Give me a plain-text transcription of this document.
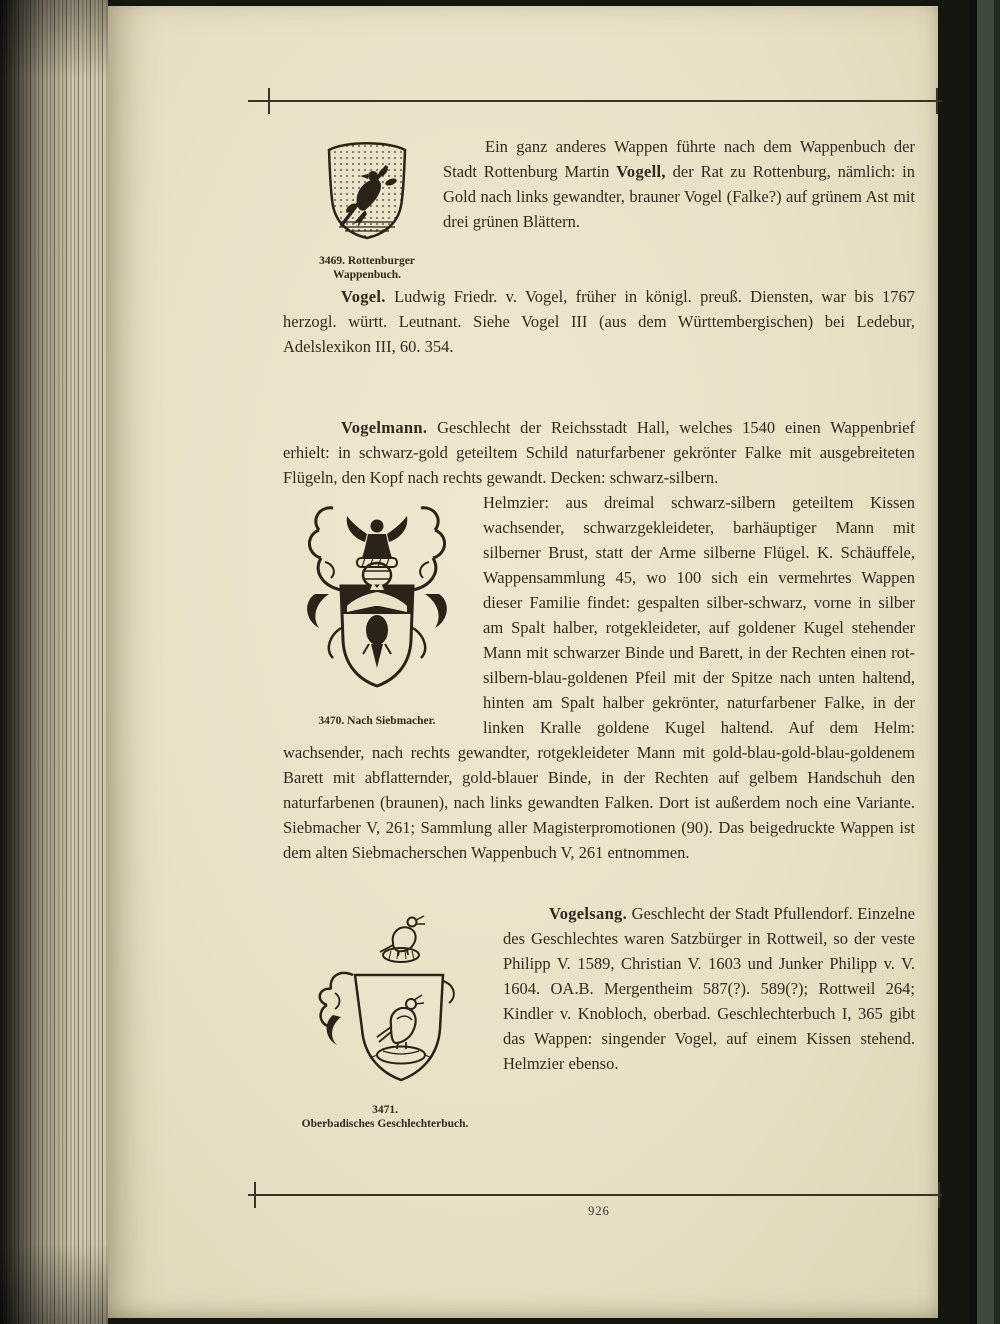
3469. Rottenburger
Wappenbuch.

Ein ganz anderes Wappen führte nach dem Wappenbuch der Stadt Rottenburg Martin Vogell, der Rat zu Rottenburg, nämlich: in Gold nach links gewandter, brauner Vogel (Falke?) auf grünem Ast mit drei grünen Blättern.

Vogel. Ludwig Friedr. v. Vogel, früher in königl. preuß. Diensten, war bis 1767 herzogl. württ. Leutnant. Siehe Vogel III (aus dem Württembergischen) bei Ledebur, Adelslexikon III, 60. 354.

Vogelmann. Geschlecht der Reichsstadt Hall, welches 1540 einen Wappenbrief erhielt: in schwarz-gold geteiltem Schild naturfarbener gekrönter Falke mit ausgebreiteten Flügeln, den Kopf nach rechts gewandt. Decken: schwarz-silbern.

3470. Nach Siebmacher.
Helmzier: aus dreimal schwarz-silbern geteiltem Kissen wachsender, schwarzgekleideter, barhäuptiger Mann mit silberner Brust, statt der Arme silberne Flügel. K. Schäuffele, Wappensammlung 45, wo 100 sich ein vermehrtes Wappen dieser Familie findet: gespalten silber-schwarz, vorne in silber am Spalt halber, rotgekleideter, auf goldener Kugel stehender Mann mit schwarzer Binde und Barett, in der Rechten einen rot-silbern-blau-goldenen Pfeil mit der Spitze nach unten haltend, hinten am Spalt halber gekrönter, naturfarbener Falke, in der linken Kralle goldene Kugel haltend. Auf dem Helm: wachsender, nach rechts gewandter, rotgekleideter Mann mit gold-blau-gold-blau-goldenem Barett mit abflatternder, gold-blauer Binde, in der Rechten auf gelbem Handschuh den naturfarbenen (braunen), nach links gewandten Falken. Dort ist außerdem noch eine Variante. Siebmacher V, 261; Sammlung aller Magisterpromotionen (90). Das beigedruckte Wappen ist dem alten Siebmacherschen Wappenbuch V, 261 entnommen.
3471.
Oberbadisches Geschlechterbuch.

Vogelsang. Geschlecht der Stadt Pfullendorf. Einzelne des Geschlechtes waren Satzbürger in Rottweil, so der veste Philipp V. 1589, Christian V. 1603 und Junker Philipp v. V. 1604. OA.B. Mergentheim 587(?). 589(?); Rottweil 264; Kindler v. Knobloch, oberbad. Geschlechterbuch I, 365 gibt das Wappen: singender Vogel, auf einem Kissen stehend. Helmzier ebenso.

926
